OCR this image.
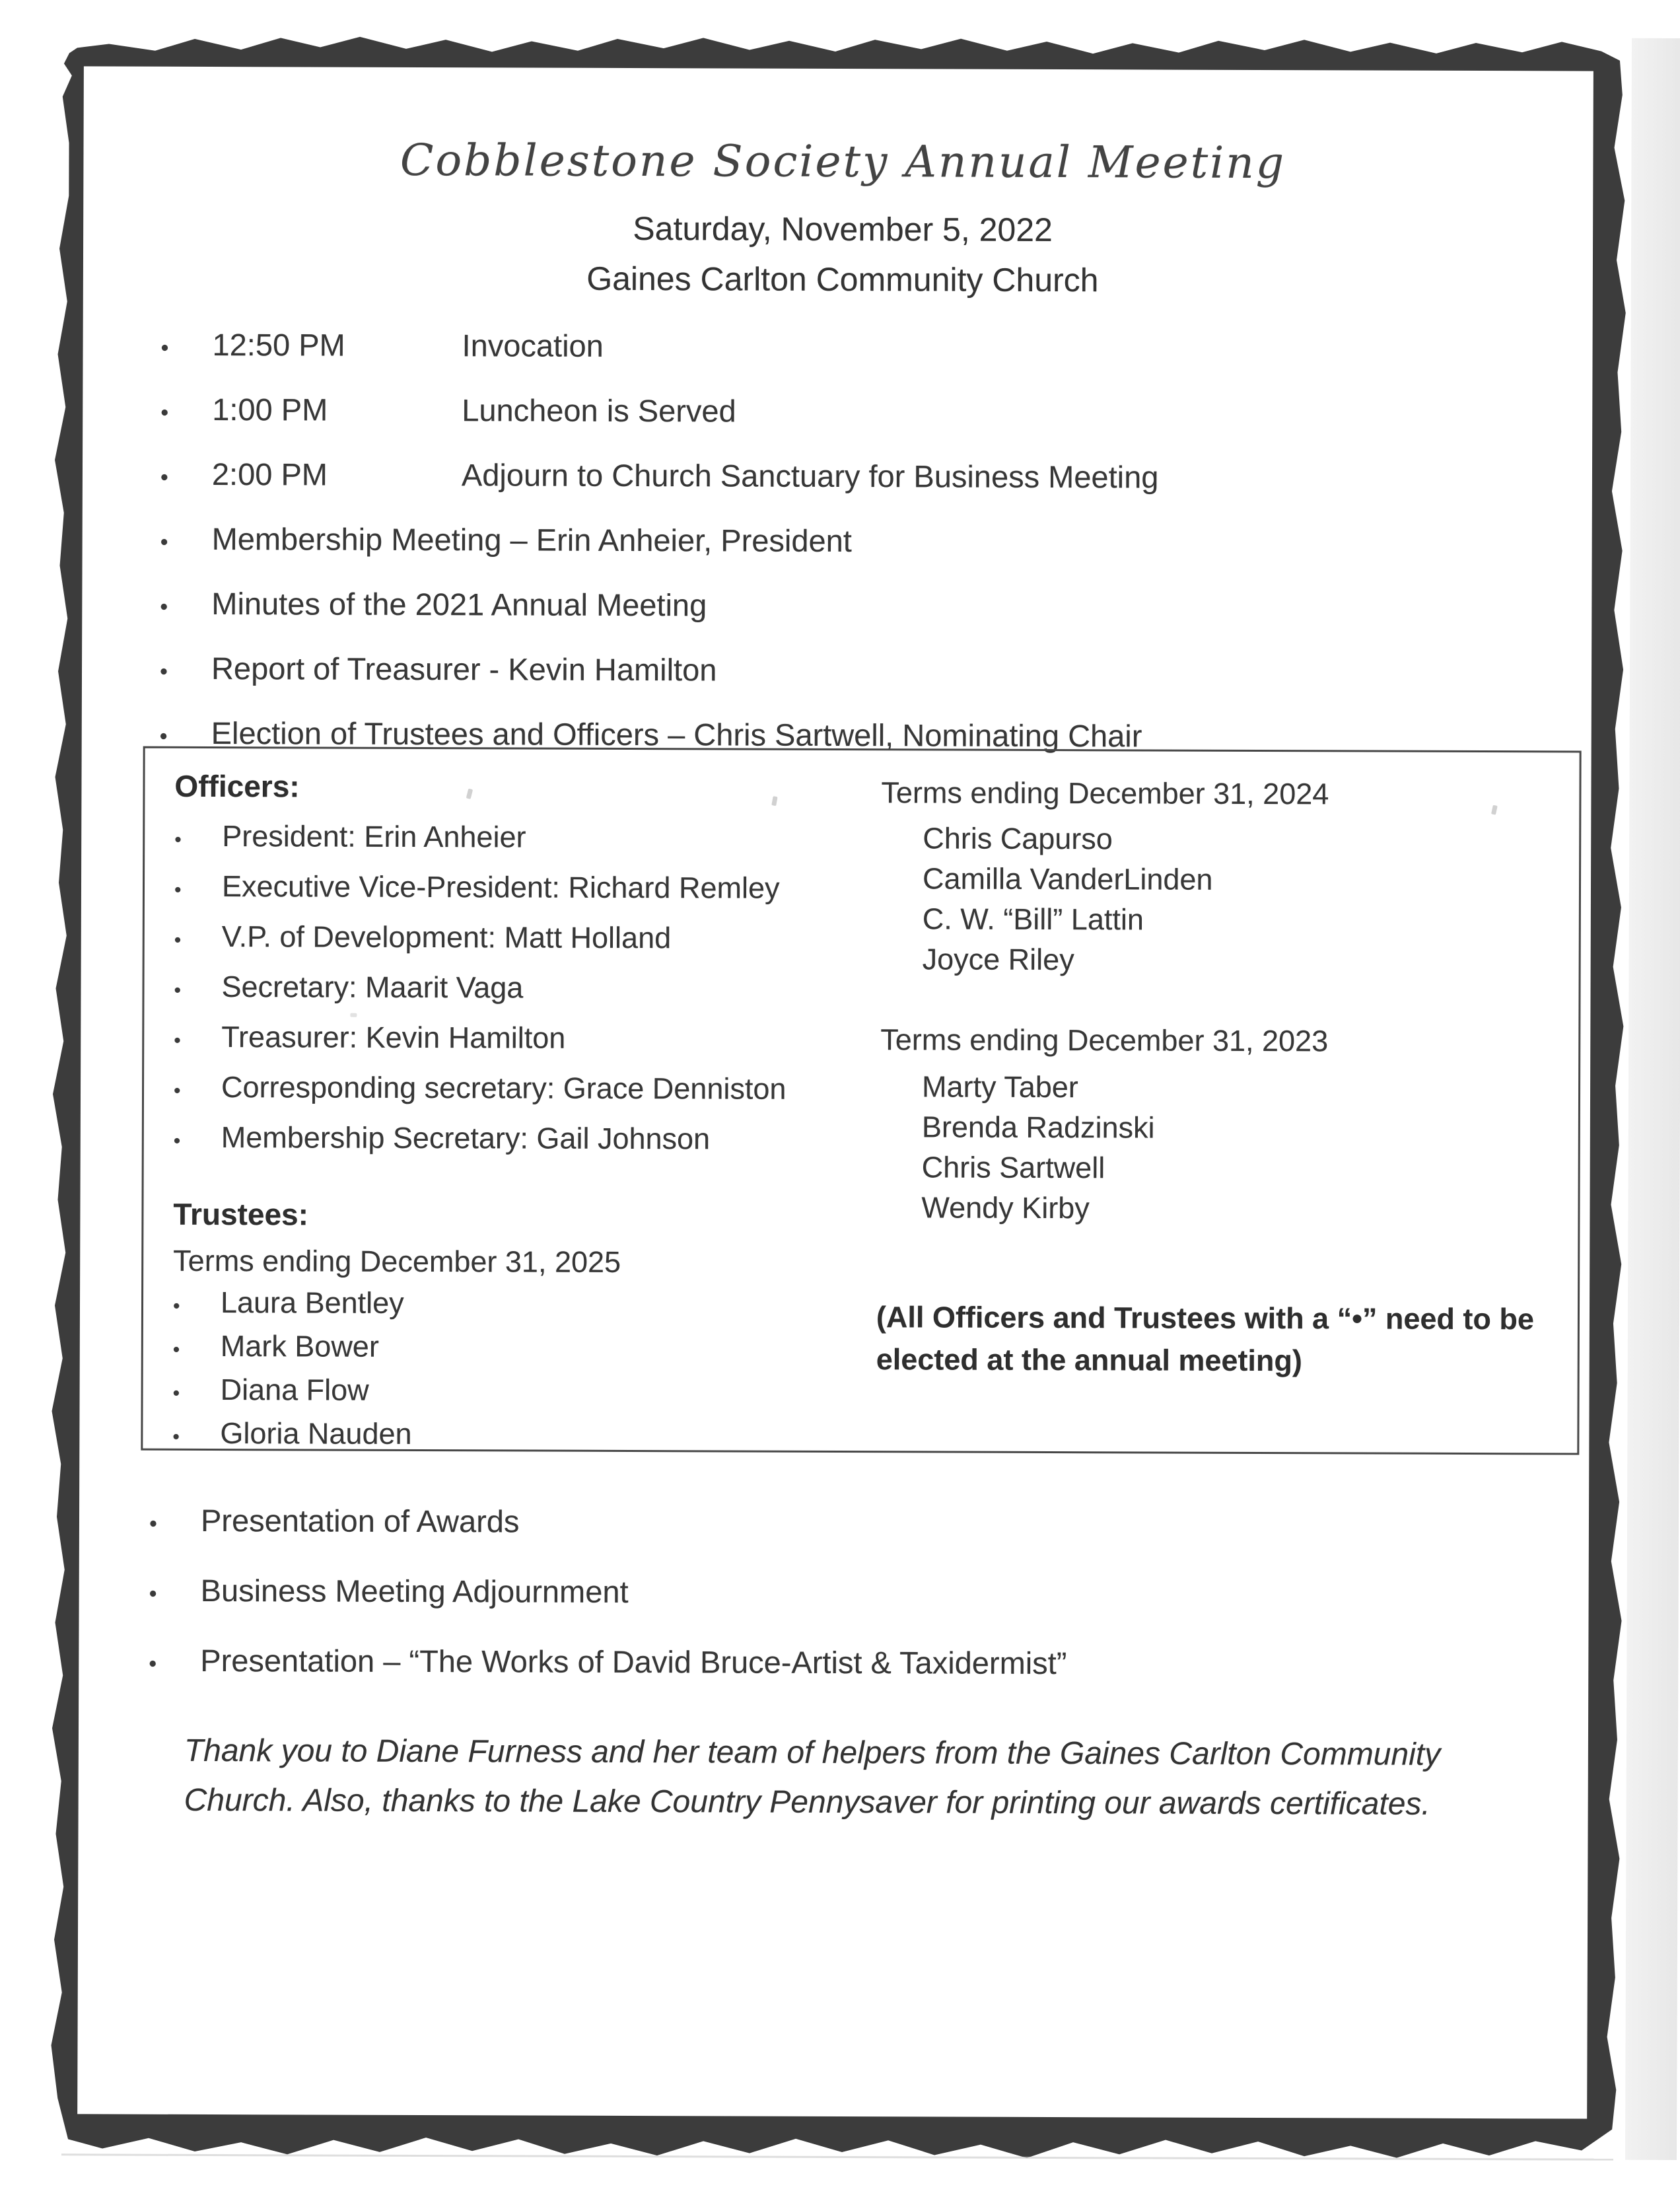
Cobblestone Society Annual Meeting
Saturday, November 5, 2022
Gaines Carlton Community Church
•	12:50 PM	Invocation
•	1:00 PM	Luncheon is Served
•	2:00 PM	Adjourn to Church Sanctuary for Business Meeting
•	Membership Meeting – Erin Anheier, President
•	Minutes of the 2021 Annual Meeting
•	Report of Treasurer - Kevin Hamilton
•	Election of Trustees and Officers – Chris Sartwell, Nominating Chair
Officers:
•	President: Erin Anheier
•	Executive Vice-President: Richard Remley
•	V.P. of Development: Matt Holland
•	Secretary: Maarit Vaga
•	Treasurer: Kevin Hamilton
•	Corresponding secretary: Grace Denniston
•	Membership Secretary: Gail Johnson
Trustees:
Terms ending December 31, 2025
•	Laura Bentley
•	Mark Bower
•	Diana Flow
•	Gloria Nauden
Terms ending December 31, 2024
Chris Capurso
Camilla VanderLinden
C. W. “Bill” Lattin
Joyce Riley
Terms ending December 31, 2023
Marty Taber
Brenda Radzinski
Chris Sartwell
Wendy Kirby
(All Officers and Trustees with a “•” need to be elected at the annual meeting)
•	Presentation of Awards
•	Business Meeting Adjournment
•	Presentation – “The Works of David Bruce-Artist & Taxidermist”

Thank you to Diane Furness and her team of helpers from the Gaines Carlton Community Church. Also, thanks to the Lake Country Pennysaver for printing our awards certificates.
